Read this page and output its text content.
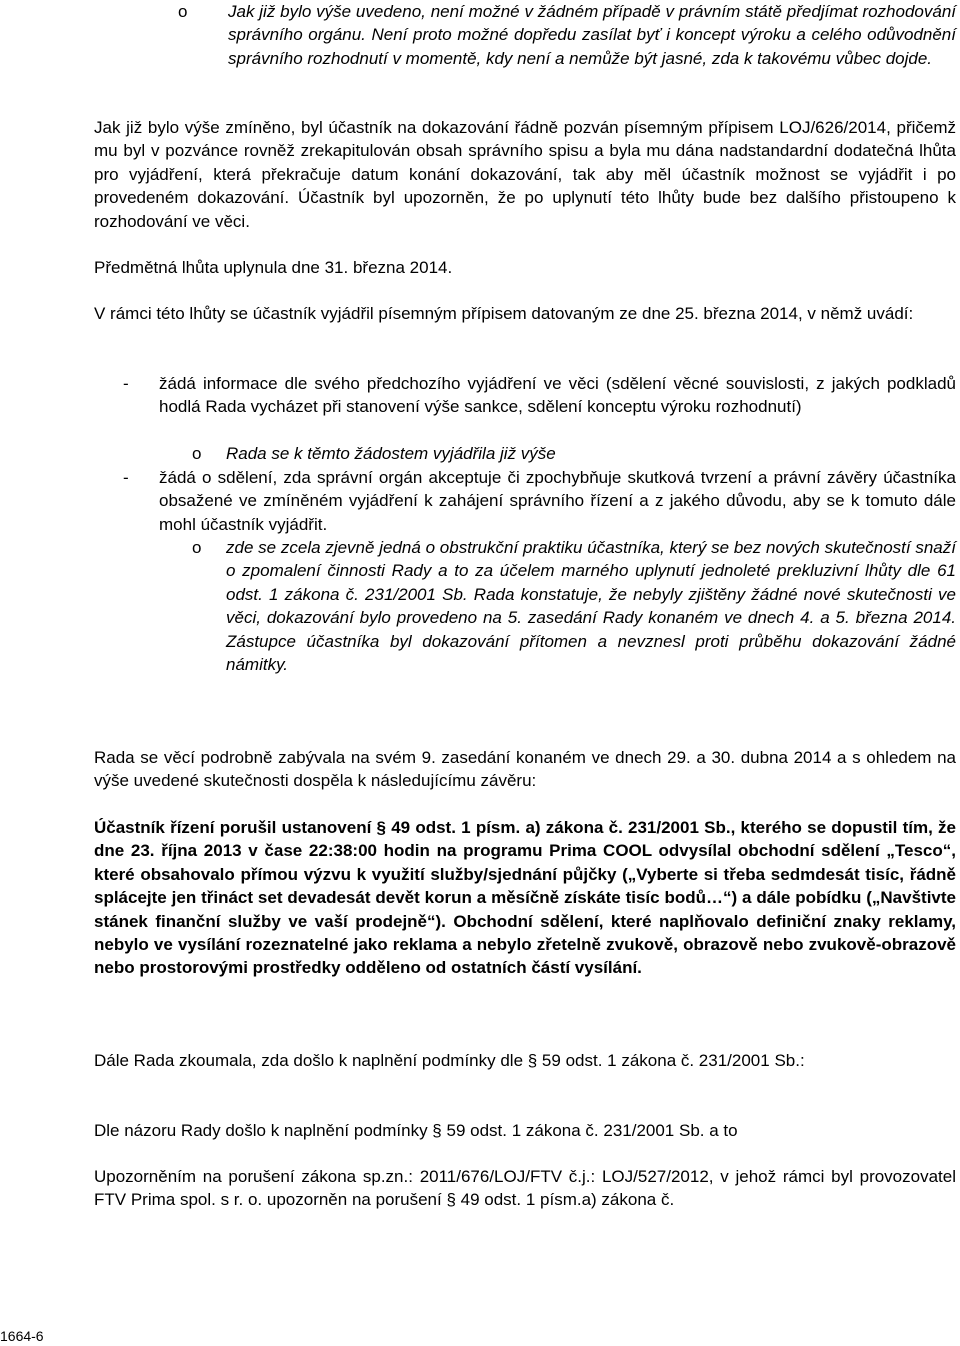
o	Jak již bylo výše uvedeno, není možné v žádném případě v právním státě předjímat rozhodování správního orgánu. Není proto možné dopředu zasílat byť i koncept výroku a celého odůvodnění správního rozhodnutí v momentě, kdy není a nemůže být jasné, zda k takovému vůbec dojde.

Jak již bylo výše zmíněno, byl účastník na dokazování řádně pozván písemným přípisem LOJ/626/2014, přičemž mu byl v pozvánce rovněž zrekapitulován obsah správního spisu a byla mu dána nadstandardní dodatečná lhůta pro vyjádření, která překračuje datum konání dokazování, tak aby měl účastník možnost se vyjádřit i po provedeném dokazování. Účastník byl upozorněn, že po uplynutí této lhůty bude bez dalšího přistoupeno k rozhodování ve věci.

Předmětná lhůta uplynula dne 31. března 2014.

V rámci této lhůty se účastník vyjádřil písemným přípisem datovaným ze dne 25. března 2014, v němž uvádí:

- žádá informace dle svého předchozího vyjádření ve věci (sdělení věcné souvislosti, z jakých podkladů hodlá Rada vycházet při stanovení výše sankce, sdělení konceptu výroku rozhodnutí)
o	Rada se k těmto žádostem vyjádřila již výše
- žádá o sdělení, zda správní orgán akceptuje či zpochybňuje skutková tvrzení a právní závěry účastníka obsažené ve zmíněném vyjádření k zahájení správního řízení a z jakého důvodu, aby se k tomuto dále mohl účastník vyjádřit.
o	zde se zcela zjevně jedná o obstrukční praktiku účastníka, který se bez nových skutečností snaží o zpomalení činnosti Rady a to za účelem marného uplynutí jednoleté prekluzivní lhůty dle 61 odst. 1 zákona č. 231/2001 Sb. Rada konstatuje, že nebyly zjištěny žádné nové skutečnosti ve věci, dokazování bylo provedeno na 5. zasedání Rady konaném ve dnech 4. a 5. března 2014. Zástupce účastníka byl dokazování přítomen a nevznesl proti průběhu dokazování žádné námitky.

Rada se věcí podrobně zabývala na svém 9. zasedání konaném ve dnech 29. a 30. dubna 2014 a s ohledem na výše uvedené skutečnosti dospěla k následujícímu závěru:

Účastník řízení porušil ustanovení § 49 odst. 1 písm. a) zákona č. 231/2001 Sb., kterého se dopustil tím, že dne 23. října 2013 v čase 22:38:00 hodin na programu Prima COOL odvysílal obchodní sdělení „Tesco“, které obsahovalo přímou výzvu k využití služby/sjednání půjčky („Vyberte si třeba sedmdesát tisíc, řádně splácejte jen třináct set devadesát devět korun a měsíčně získáte tisíc bodů…“) a dále pobídku („Navštivte stánek finanční služby ve vaší prodejně“). Obchodní sdělení, které naplňovalo definiční znaky reklamy, nebylo ve vysílání rozeznatelné jako reklama a nebylo zřetelně zvukově, obrazově nebo zvukově-obrazově nebo prostorovými prostředky odděleno od ostatních částí vysílání.

Dále Rada zkoumala, zda došlo k naplnění podmínky dle § 59 odst. 1 zákona č. 231/2001 Sb.:

Dle názoru Rady došlo k naplnění podmínky § 59 odst. 1 zákona č. 231/2001 Sb. a to

Upozorněním na porušení zákona sp.zn.: 2011/676/LOJ/FTV č.j.: LOJ/527/2012, v jehož rámci byl provozovatel FTV Prima spol. s r. o. upozorněn na porušení § 49 odst. 1 písm.a) zákona č.

1664-6
